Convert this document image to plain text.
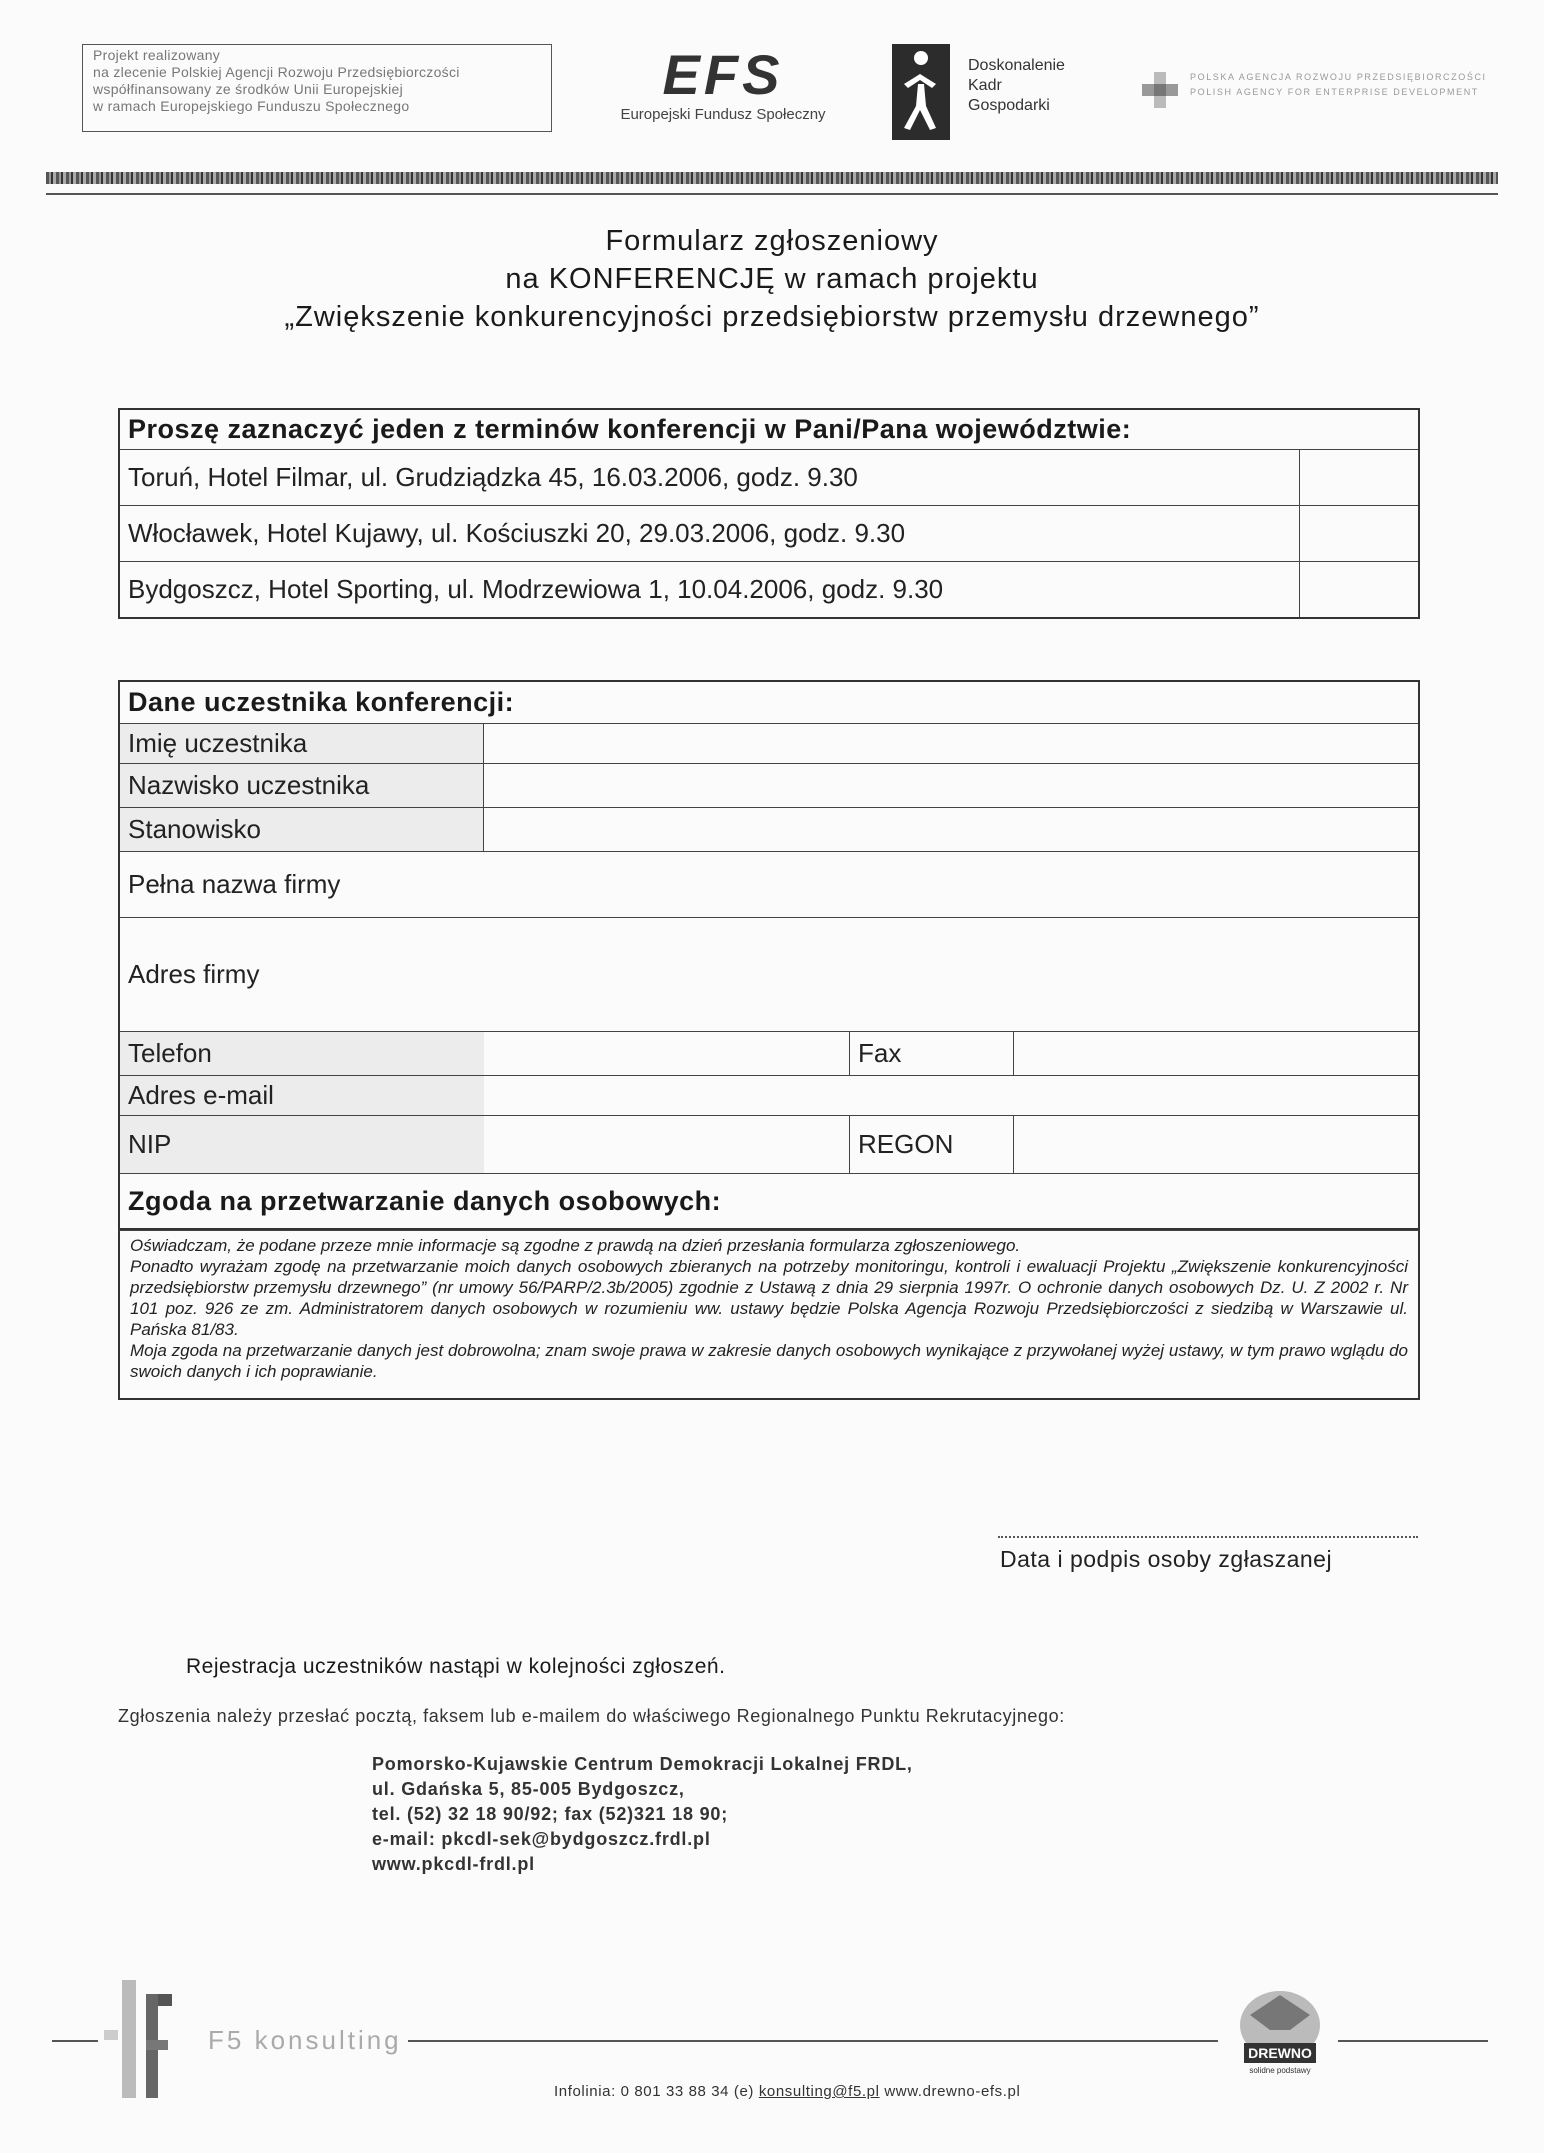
Projekt realizowany
na zlecenie Polskiej Agencji Rozwoju Przedsiębiorczości
współfinansowany ze środków Unii Europejskiej
w ramach Europejskiego Funduszu Społecznego	EFS
Europejski Fundusz Społeczny
Doskonalenie
Kadr
Gospodarki
POLSKA AGENCJA ROZWOJU PRZEDSIĘBIORCZOŚCI
POLISH AGENCY FOR ENTERPRISE DEVELOPMENT
Formularz zgłoszeniowy
na KONFERENCJĘ w ramach projektu
„Zwiększenie konkurencyjności przedsiębiorstw przemysłu drzewnego”
Proszę zaznaczyć jeden z terminów konferencji w Pani/Pana województwie:
Toruń, Hotel Filmar, ul. Grudziądzka 45, 16.03.2006, godz. 9.30
Włocławek, Hotel Kujawy, ul. Kościuszki 20, 29.03.2006, godz. 9.30
Bydgoszcz, Hotel Sporting, ul. Modrzewiowa 1, 10.04.2006, godz. 9.30
Dane uczestnika konferencji:
Imię uczestnika
Nazwisko uczestnika
Stanowisko
Pełna nazwa firmy
Adres firmy
Telefon	Fax
Adres e-mail
NIP	REGON
Zgoda na przetwarzanie danych osobowych:
Oświadczam, że podane przeze mnie informacje są zgodne z prawdą na dzień przesłania formularza zgłoszeniowego.
Ponadto wyrażam zgodę na przetwarzanie moich danych osobowych zbieranych na potrzeby monitoringu, kontroli i ewaluacji Projektu „Zwiększenie konkurencyjności przedsiębiorstw przemysłu drzewnego” (nr umowy 56/PARP/2.3b/2005) zgodnie z Ustawą z dnia 29 sierpnia 1997r. O ochronie danych osobowych Dz. U. Z 2002 r. Nr 101 poz. 926 ze zm. Administratorem danych osobowych w rozumieniu ww. ustawy będzie Polska Agencja Rozwoju Przedsiębiorczości z siedzibą w Warszawie ul. Pańska 81/83.
Moja zgoda na przetwarzanie danych jest dobrowolna; znam swoje prawa w zakresie danych osobowych wynikające z przywołanej wyżej ustawy, w tym prawo wglądu do swoich danych i ich poprawianie.
Data i podpis osoby zgłaszanej
Rejestracja uczestników nastąpi w kolejności zgłoszeń.
Zgłoszenia należy przesłać pocztą, faksem lub e-mailem do właściwego Regionalnego Punktu Rekrutacyjnego:
Pomorsko-Kujawskie Centrum Demokracji Lokalnej FRDL,
ul. Gdańska 5, 85-005 Bydgoszcz,
tel. (52) 32 18 90/92; fax (52)321 18 90;
e-mail: pkcdl-sek@bydgoszcz.frdl.pl
www.pkcdl-frdl.pl
F5 konsulting	DREWNO
solidne podstawy
Infolinia: 0 801 33 88 34 (e) konsulting@f5.pl www.drewno-efs.pl
